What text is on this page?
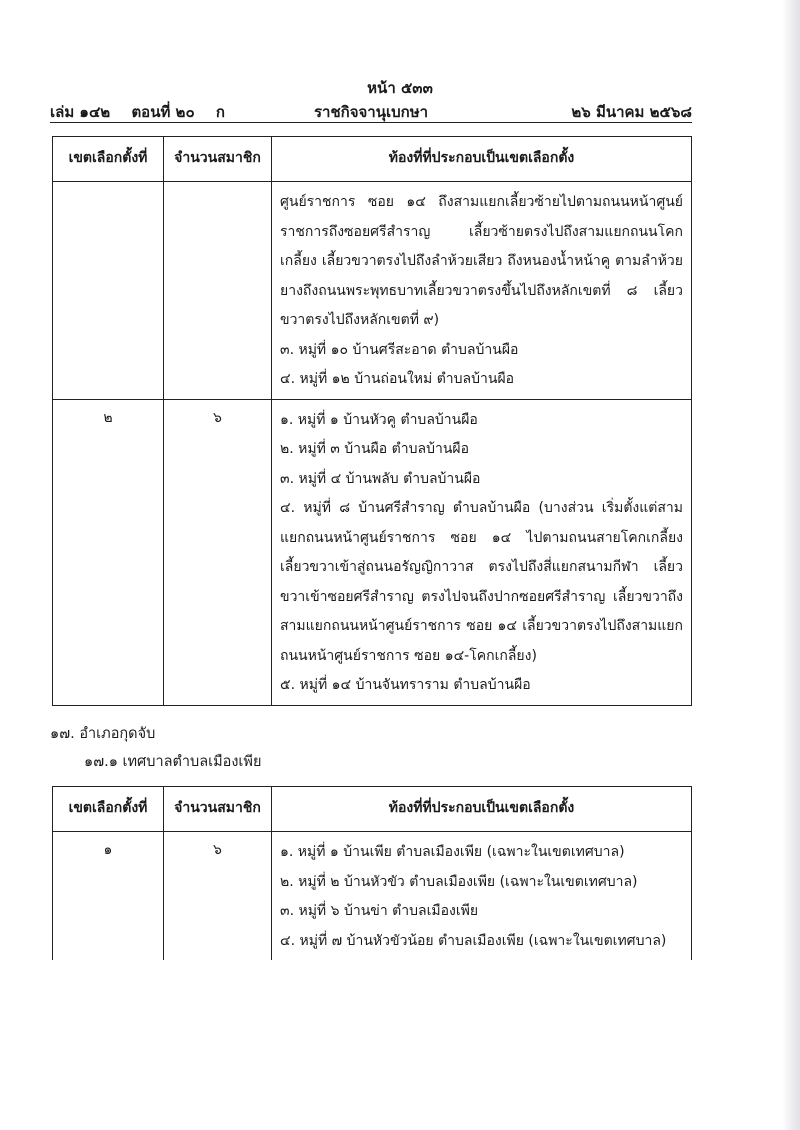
หน้า ๕๓๓
เล่ม ๑๔๒ ตอนที่ ๒๐ ก	ราชกิจจานุเบกษา	๒๖ มีนาคม ๒๕๖๘
เขตเลือกตั้งที่	จำนวนสมาชิก	ท้องที่ที่ประกอบเป็นเขตเลือกตั้ง

		ศูนย์ราชการ ซอย ๑๔ ถึงสามแยกเลี้ยวซ้ายไปตามถนนหน้าศูนย์ราชการถึงซอยศรีสำราญ เลี้ยวซ้ายตรงไปถึงสามแยกถนนโคกเกลี้ยง เลี้ยวขวาตรงไปถึงลำห้วยเสียว ถึงหนองน้ำหน้าคู ตามลำห้วยยางถึงถนนพระพุทธบาทเลี้ยวขวาตรงขึ้นไปถึงหลักเขตที่ ๘ เลี้ยวขวาตรงไปถึงหลักเขตที่ ๙)
๓. หมู่ที่ ๑๐ บ้านศรีสะอาด ตำบลบ้านผือ
๔. หมู่ที่ ๑๒ บ้านถ่อนใหม่ ตำบลบ้านผือ

๒	๖	๑. หมู่ที่ ๑ บ้านหัวคู ตำบลบ้านผือ
๒. หมู่ที่ ๓ บ้านผือ ตำบลบ้านผือ
๓. หมู่ที่ ๔ บ้านพลับ ตำบลบ้านผือ
๔. หมู่ที่ ๘ บ้านศรีสำราญ ตำบลบ้านผือ (บางส่วน เริ่มตั้งแต่สามแยกถนนหน้าศูนย์ราชการ ซอย ๑๔ ไปตามถนนสายโคกเกลี้ยง เลี้ยวขวาเข้าสู่ถนนอรัญญิกาวาส ตรงไปถึงสี่แยกสนามกีฬา เลี้ยวขวาเข้าซอยศรีสำราญ ตรงไปจนถึงปากซอยศรีสำราญ เลี้ยวขวาถึงสามแยกถนนหน้าศูนย์ราชการ ซอย ๑๔ เลี้ยวขวาตรงไปถึงสามแยกถนนหน้าศูนย์ราชการ ซอย ๑๔-โคกเกลี้ยง)
๕. หมู่ที่ ๑๔ บ้านจันทราราม ตำบลบ้านผือ
๑๗. อำเภอกุดจับ
๑๗.๑ เทศบาลตำบลเมืองเพีย
เขตเลือกตั้งที่	จำนวนสมาชิก	ท้องที่ที่ประกอบเป็นเขตเลือกตั้ง
๑	๖	๑. หมู่ที่ ๑ บ้านเพีย ตำบลเมืองเพีย (เฉพาะในเขตเทศบาล)
๒. หมู่ที่ ๒ บ้านหัวขัว ตำบลเมืองเพีย (เฉพาะในเขตเทศบาล)
๓. หมู่ที่ ๖ บ้านข่า ตำบลเมืองเพีย
๔. หมู่ที่ ๗ บ้านหัวขัวน้อย ตำบลเมืองเพีย (เฉพาะในเขตเทศบาล)
